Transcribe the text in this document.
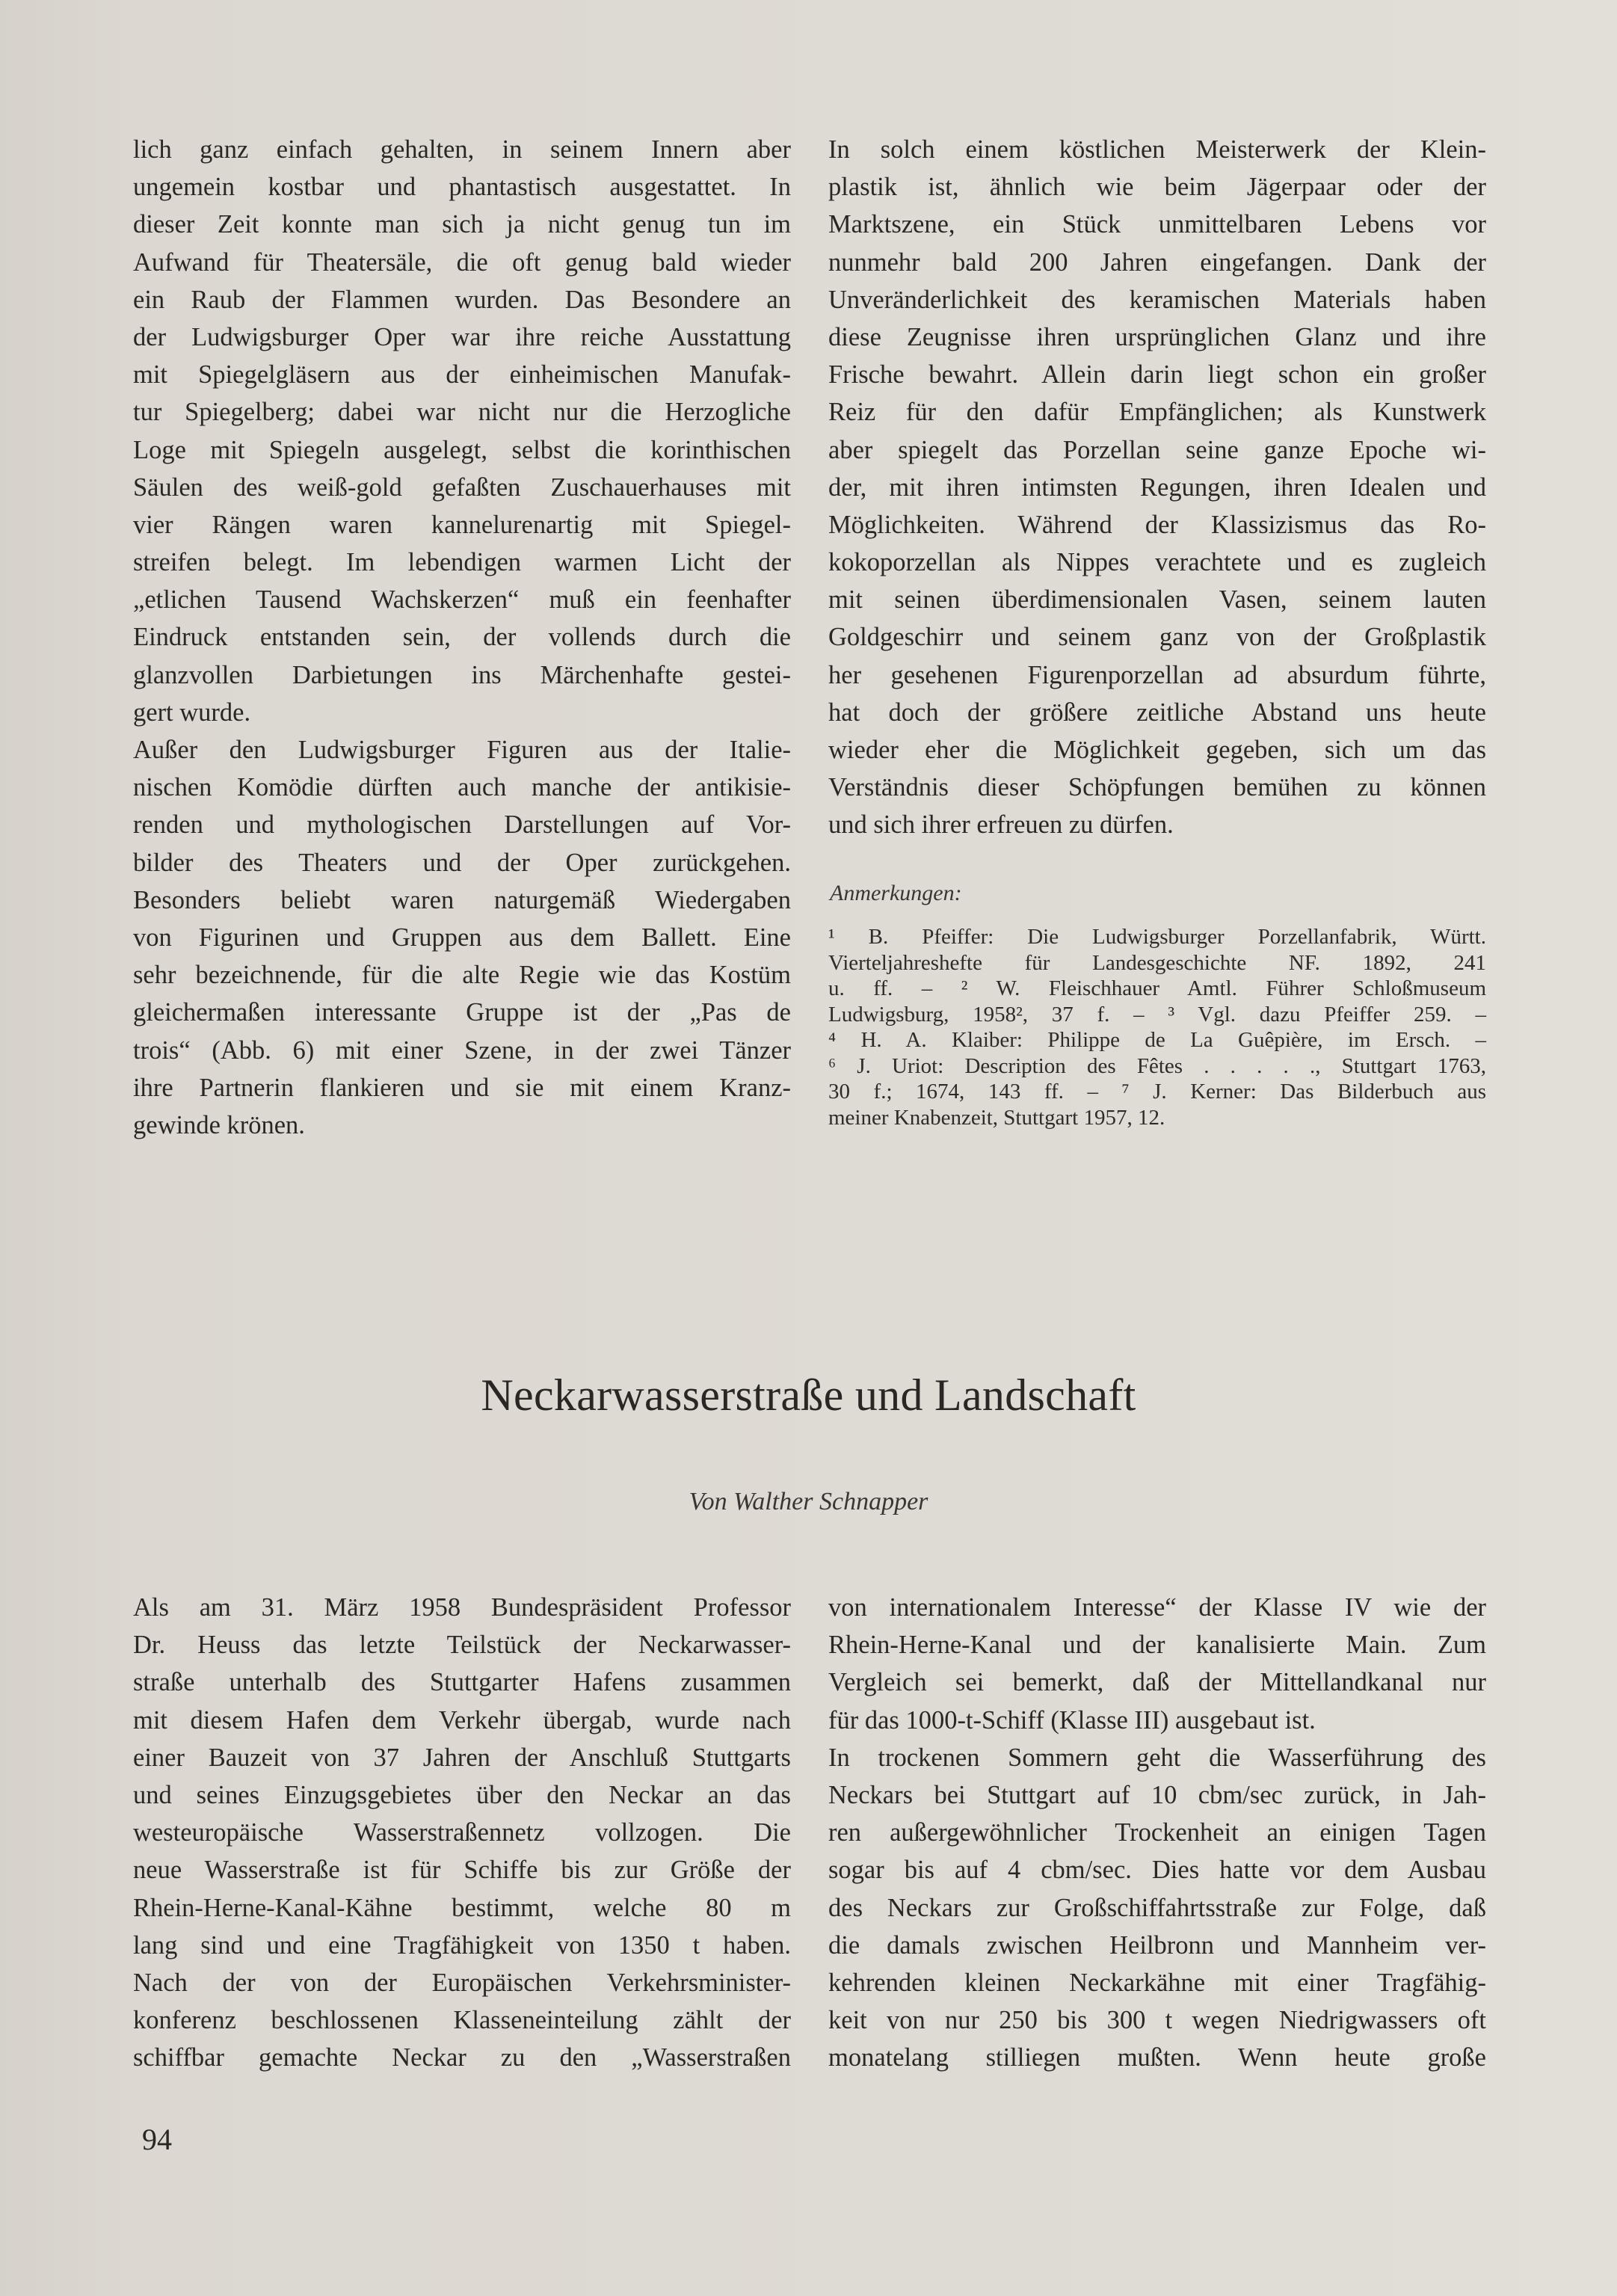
lich ganz einfach gehalten, in seinem Innern aber
ungemein kostbar und phantastisch ausgestattet. In
dieser Zeit konnte man sich ja nicht genug tun im
Aufwand für Theatersäle, die oft genug bald wieder
ein Raub der Flammen wurden. Das Besondere an
der Ludwigsburger Oper war ihre reiche Ausstattung
mit Spiegelgläsern aus der einheimischen Manufak-
tur Spiegelberg; dabei war nicht nur die Herzogliche
Loge mit Spiegeln ausgelegt, selbst die korinthischen
Säulen des weiß-gold gefaßten Zuschauerhauses mit
vier Rängen waren kannelurenartig mit Spiegel-
streifen belegt. Im lebendigen warmen Licht der
„etlichen Tausend Wachskerzen“ muß ein feenhafter
Eindruck entstanden sein, der vollends durch die
glanzvollen Darbietungen ins Märchenhafte gestei-
gert wurde.
Außer den Ludwigsburger Figuren aus der Italie-
nischen Komödie dürften auch manche der antikisie-
renden und mythologischen Darstellungen auf Vor-
bilder des Theaters und der Oper zurückgehen.
Besonders beliebt waren naturgemäß Wiedergaben
von Figurinen und Gruppen aus dem Ballett. Eine
sehr bezeichnende, für die alte Regie wie das Kostüm
gleichermaßen interessante Gruppe ist der „Pas de
trois“ (Abb. 6) mit einer Szene, in der zwei Tänzer
ihre Partnerin flankieren und sie mit einem Kranz-
gewinde krönen.
In solch einem köstlichen Meisterwerk der Klein-
plastik ist, ähnlich wie beim Jägerpaar oder der
Marktszene, ein Stück unmittelbaren Lebens vor
nunmehr bald 200 Jahren eingefangen. Dank der
Unveränderlichkeit des keramischen Materials haben
diese Zeugnisse ihren ursprünglichen Glanz und ihre
Frische bewahrt. Allein darin liegt schon ein großer
Reiz für den dafür Empfänglichen; als Kunstwerk
aber spiegelt das Porzellan seine ganze Epoche wi-
der, mit ihren intimsten Regungen, ihren Idealen und
Möglichkeiten. Während der Klassizismus das Ro-
kokoporzellan als Nippes verachtete und es zugleich
mit seinen überdimensionalen Vasen, seinem lauten
Goldgeschirr und seinem ganz von der Großplastik
her gesehenen Figurenporzellan ad absurdum führte,
hat doch der größere zeitliche Abstand uns heute
wieder eher die Möglichkeit gegeben, sich um das
Verständnis dieser Schöpfungen bemühen zu können
und sich ihrer erfreuen zu dürfen.
Anmerkungen:
¹ B. Pfeiffer: Die Ludwigsburger Porzellanfabrik, Württ.
Vierteljahreshefte für Landesgeschichte NF. 1892, 241
u. ff. – ² W. Fleischhauer Amtl. Führer Schloßmuseum
Ludwigsburg, 1958², 37 f. – ³ Vgl. dazu Pfeiffer 259. –
⁴ H. A. Klaiber: Philippe de La Guêpière, im Ersch. –
⁶ J. Uriot: Description des Fêtes . . . . ., Stuttgart 1763,
30 f.; 1674, 143 ff. – ⁷ J. Kerner: Das Bilderbuch aus
meiner Knabenzeit, Stuttgart 1957, 12.
Neckarwasserstraße und Landschaft
Von Walther Schnapper
Als am 31. März 1958 Bundespräsident Professor
Dr. Heuss das letzte Teilstück der Neckarwasser-
straße unterhalb des Stuttgarter Hafens zusammen
mit diesem Hafen dem Verkehr übergab, wurde nach
einer Bauzeit von 37 Jahren der Anschluß Stuttgarts
und seines Einzugsgebietes über den Neckar an das
westeuropäische Wasserstraßennetz vollzogen. Die
neue Wasserstraße ist für Schiffe bis zur Größe der
Rhein-Herne-Kanal-Kähne bestimmt, welche 80 m
lang sind und eine Tragfähigkeit von 1350 t haben.
Nach der von der Europäischen Verkehrsminister-
konferenz beschlossenen Klasseneinteilung zählt der
schiffbar gemachte Neckar zu den „Wasserstraßen
von internationalem Interesse“ der Klasse IV wie der
Rhein-Herne-Kanal und der kanalisierte Main. Zum
Vergleich sei bemerkt, daß der Mittellandkanal nur
für das 1000-t-Schiff (Klasse III) ausgebaut ist.
In trockenen Sommern geht die Wasserführung des
Neckars bei Stuttgart auf 10 cbm/sec zurück, in Jah-
ren außergewöhnlicher Trockenheit an einigen Tagen
sogar bis auf 4 cbm/sec. Dies hatte vor dem Ausbau
des Neckars zur Großschiffahrtsstraße zur Folge, daß
die damals zwischen Heilbronn und Mannheim ver-
kehrenden kleinen Neckarkähne mit einer Tragfähig-
keit von nur 250 bis 300 t wegen Niedrigwassers oft
monatelang stilliegen mußten. Wenn heute große
94
